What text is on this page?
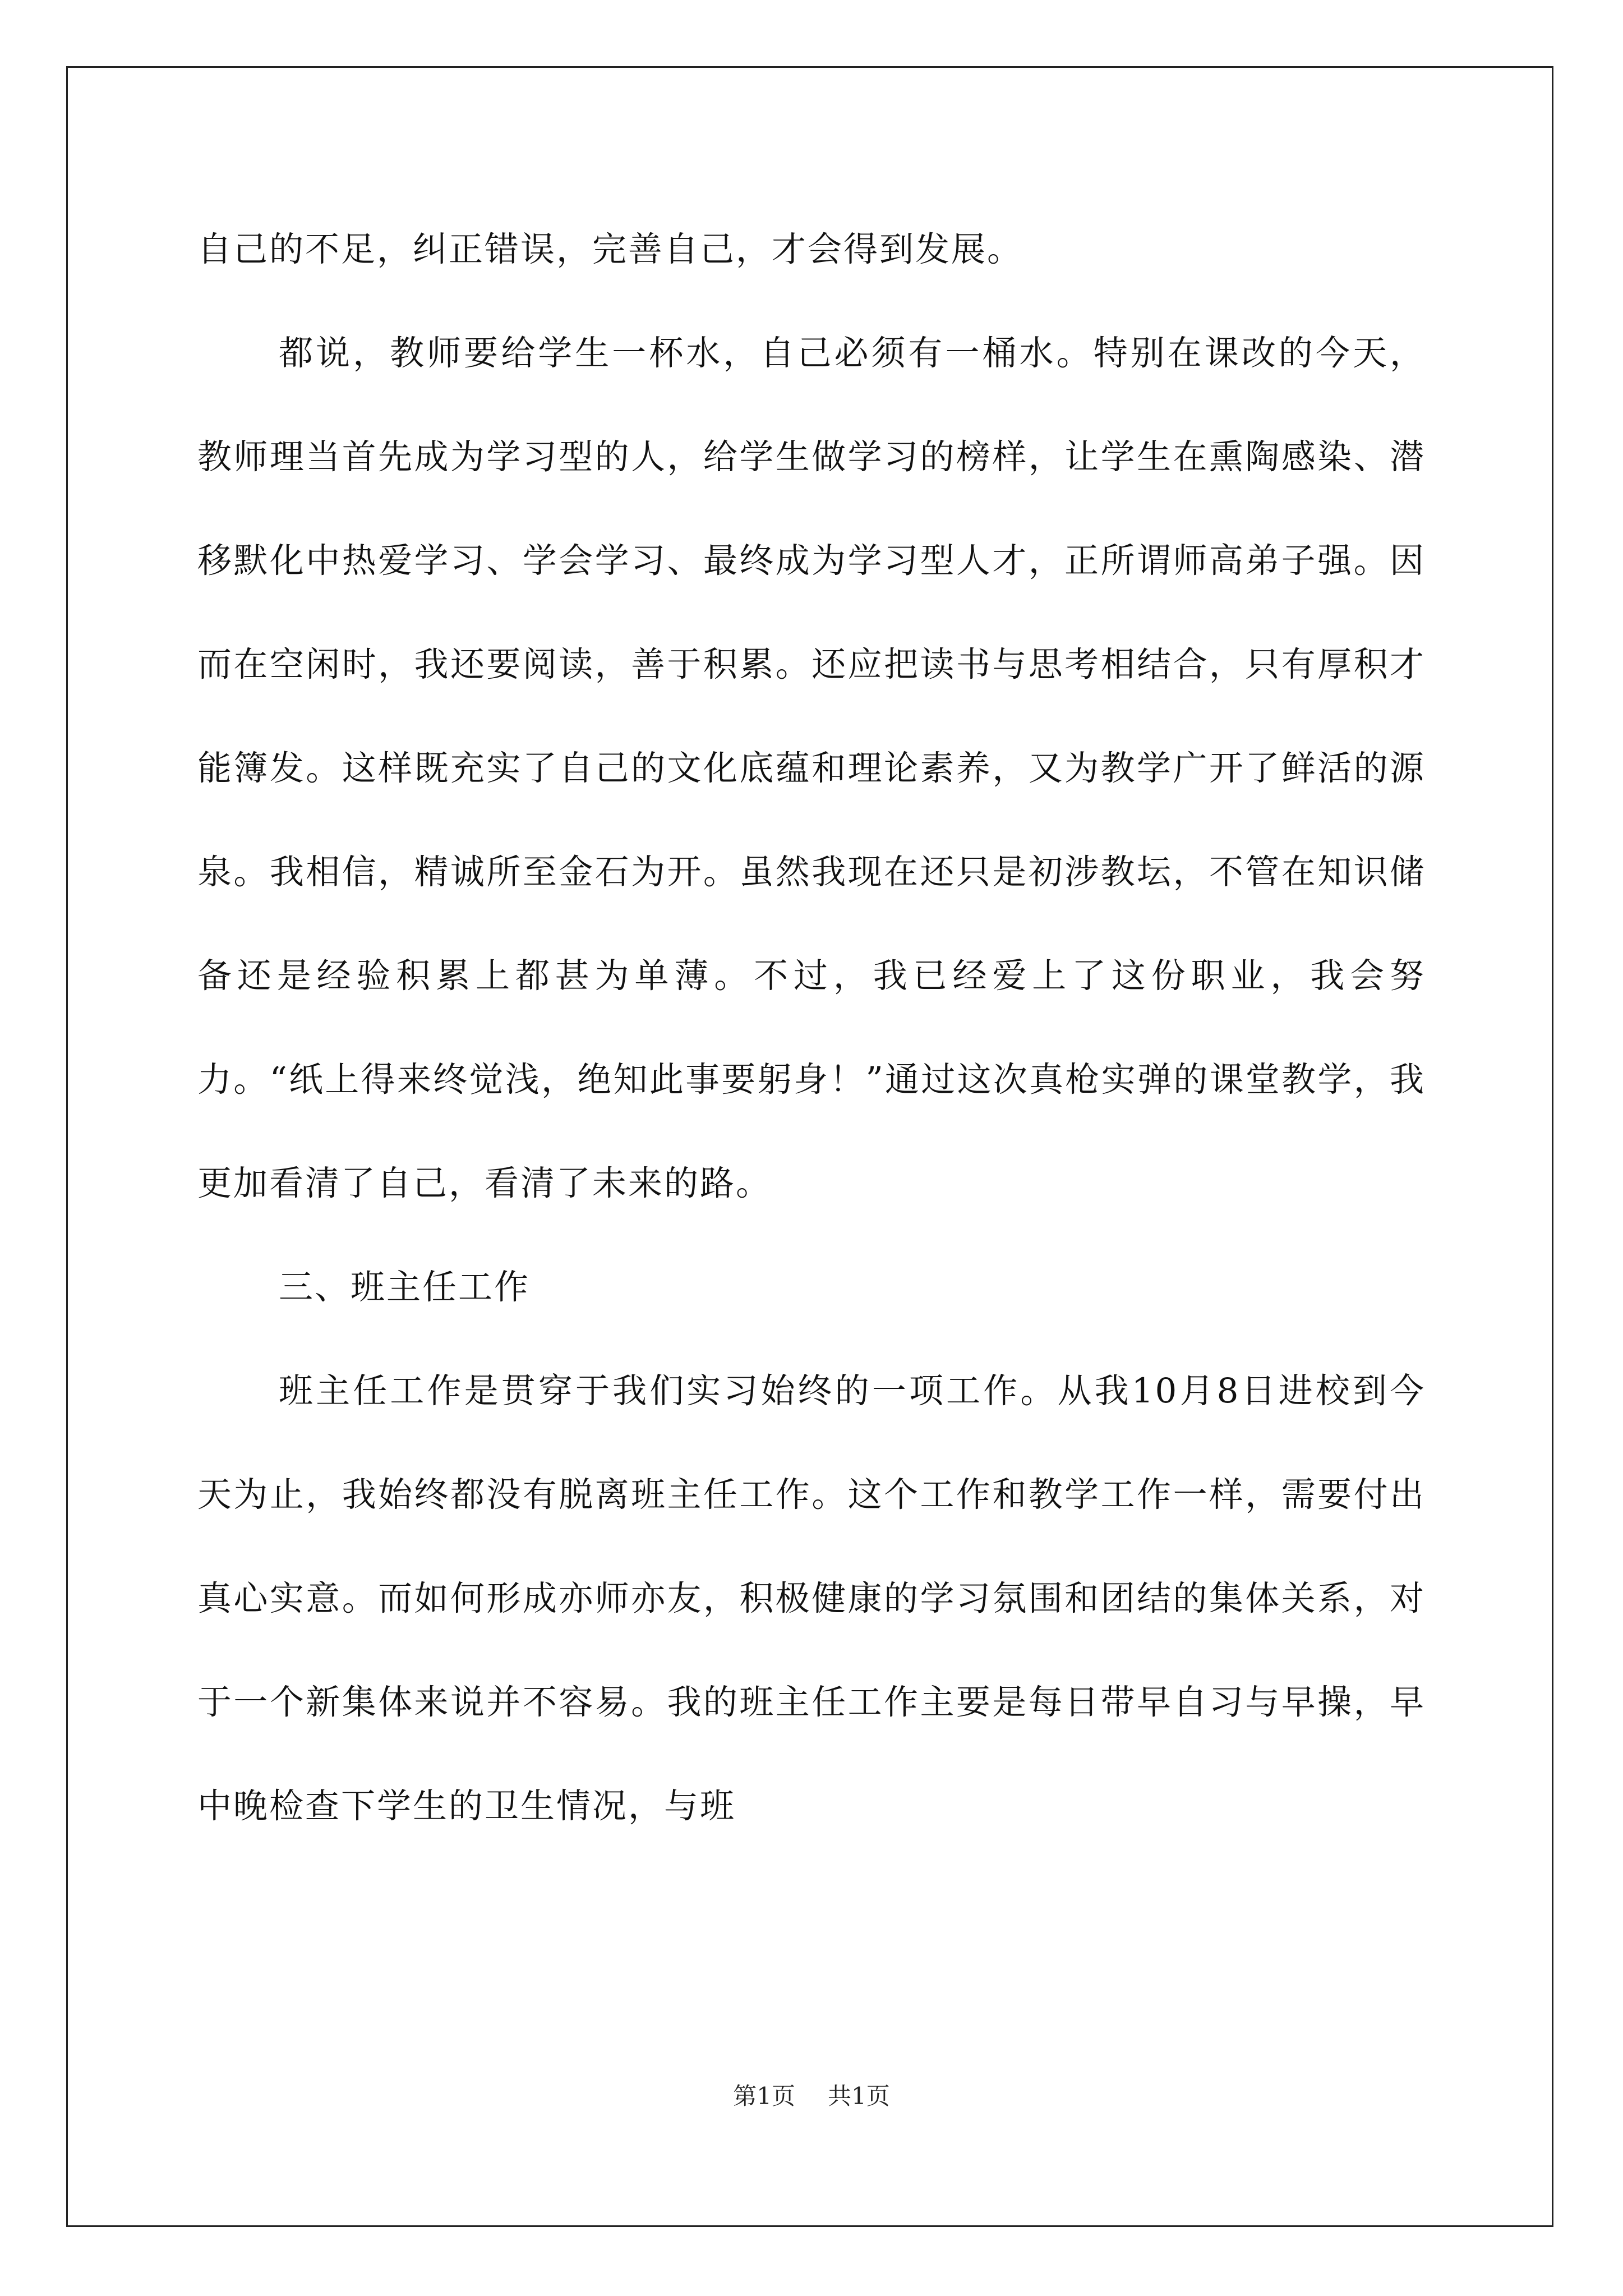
自己的不足，纠正错误，完善自己，才会得到发展。

都说，教师要给学生一杯水，自己必须有一桶水。特别在课改的今天，教师理当首先成为学习型的人，给学生做学习的榜样，让学生在熏陶感染、潜移默化中热爱学习、学会学习、最终成为学习型人才，正所谓师高弟子强。因而在空闲时，我还要阅读，善于积累。还应把读书与思考相结合，只有厚积才能簿发。这样既充实了自己的文化底蕴和理论素养，又为教学广开了鲜活的源泉。我相信，精诚所至金石为开。虽然我现在还只是初涉教坛，不管在知识储备还是经验积累上都甚为单薄。不过，我已经爱上了这份职业，我会努力。“纸上得来终觉浅，绝知此事要躬身！”通过这次真枪实弹的课堂教学，我更加看清了自己，看清了未来的路。

三、班主任工作

班主任工作是贯穿于我们实习始终的一项工作。从我10月8日进校到今天为止，我始终都没有脱离班主任工作。这个工作和教学工作一样，需要付出真心实意。而如何形成亦师亦友，积极健康的学习氛围和团结的集体关系，对于一个新集体来说并不容易。我的班主任工作主要是每日带早自习与早操，早中晚检查下学生的卫生情况，与班

第1页 共1页
